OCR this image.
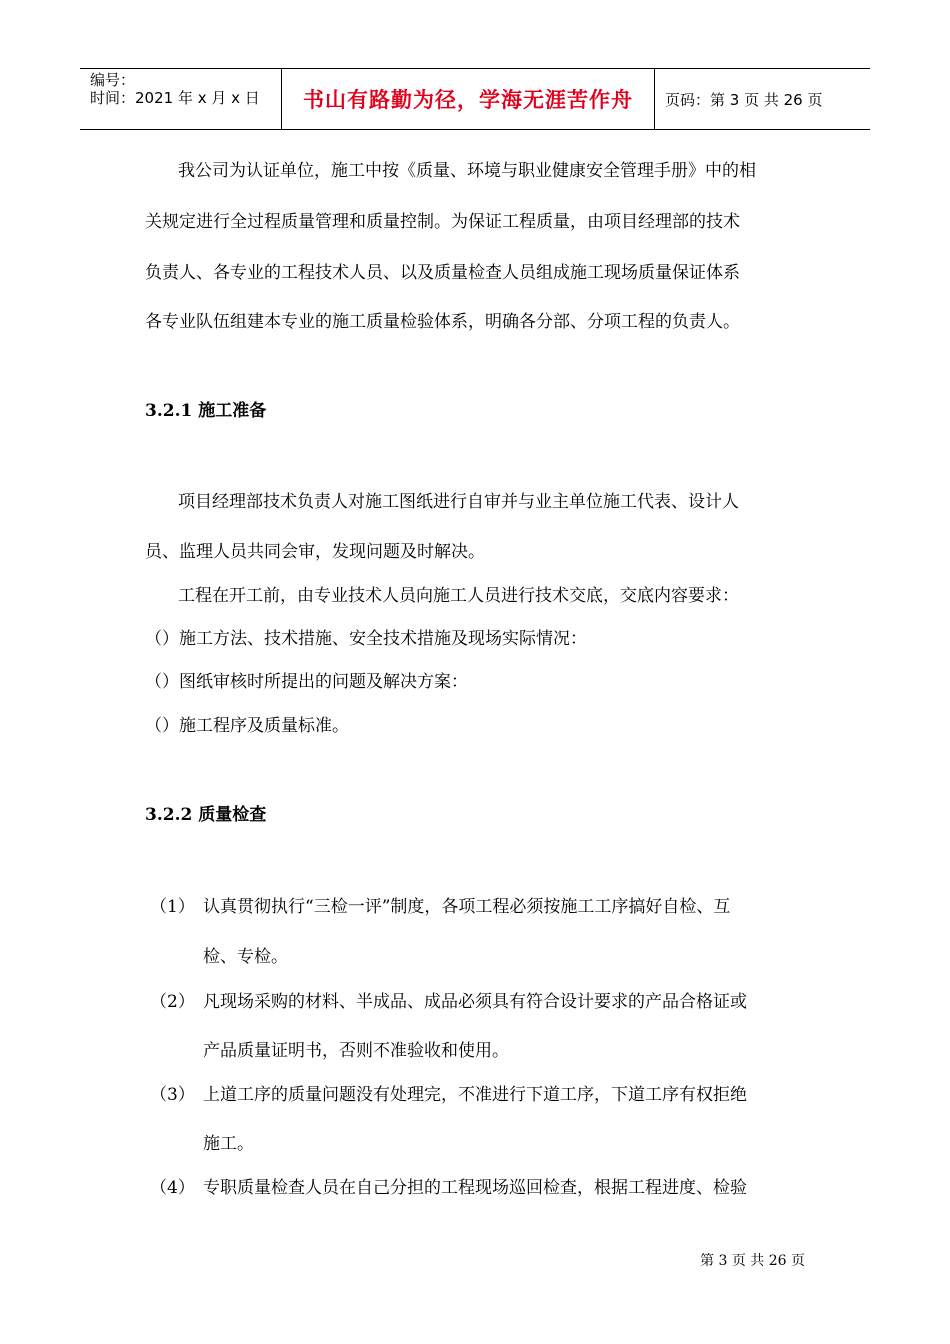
编号：
时间：2021 年 x 月 x 日 书山有路勤为径，学海无涯苦作舟 页码：第 3 页 共 26 页
我公司为认证单位，施工中按《质量、环境与职业健康安全管理手册》中的相
关规定进行全过程质量管理和质量控制。为保证工程质量，由项目经理部的技术
负责人、各专业的工程技术人员、以及质量检查人员组成施工现场质量保证体系
各专业队伍组建本专业的施工质量检验体系，明确各分部、分项工程的负责人。
3.2.1 施工准备
项目经理部技术负责人对施工图纸进行自审并与业主单位施工代表、设计人
员、监理人员共同会审，发现问题及时解决。
工程在开工前，由专业技术人员向施工人员进行技术交底，交底内容要求：
（）施工方法、技术措施、安全技术措施及现场实际情况：
（）图纸审核时所提出的问题及解决方案：
（）施工程序及质量标准。
3.2.2 质量检查
（1） 认真贯彻执行“三检一评”制度，各项工程必须按施工工序搞好自检、互
检、专检。
（2） 凡现场采购的材料、半成品、成品必须具有符合设计要求的产品合格证或
产品质量证明书，否则不准验收和使用。
（3） 上道工序的质量问题没有处理完，不准进行下道工序，下道工序有权拒绝
施工。
（4） 专职质量检查人员在自己分担的工程现场巡回检查，根据工程进度、检验
第 3 页 共 26 页
